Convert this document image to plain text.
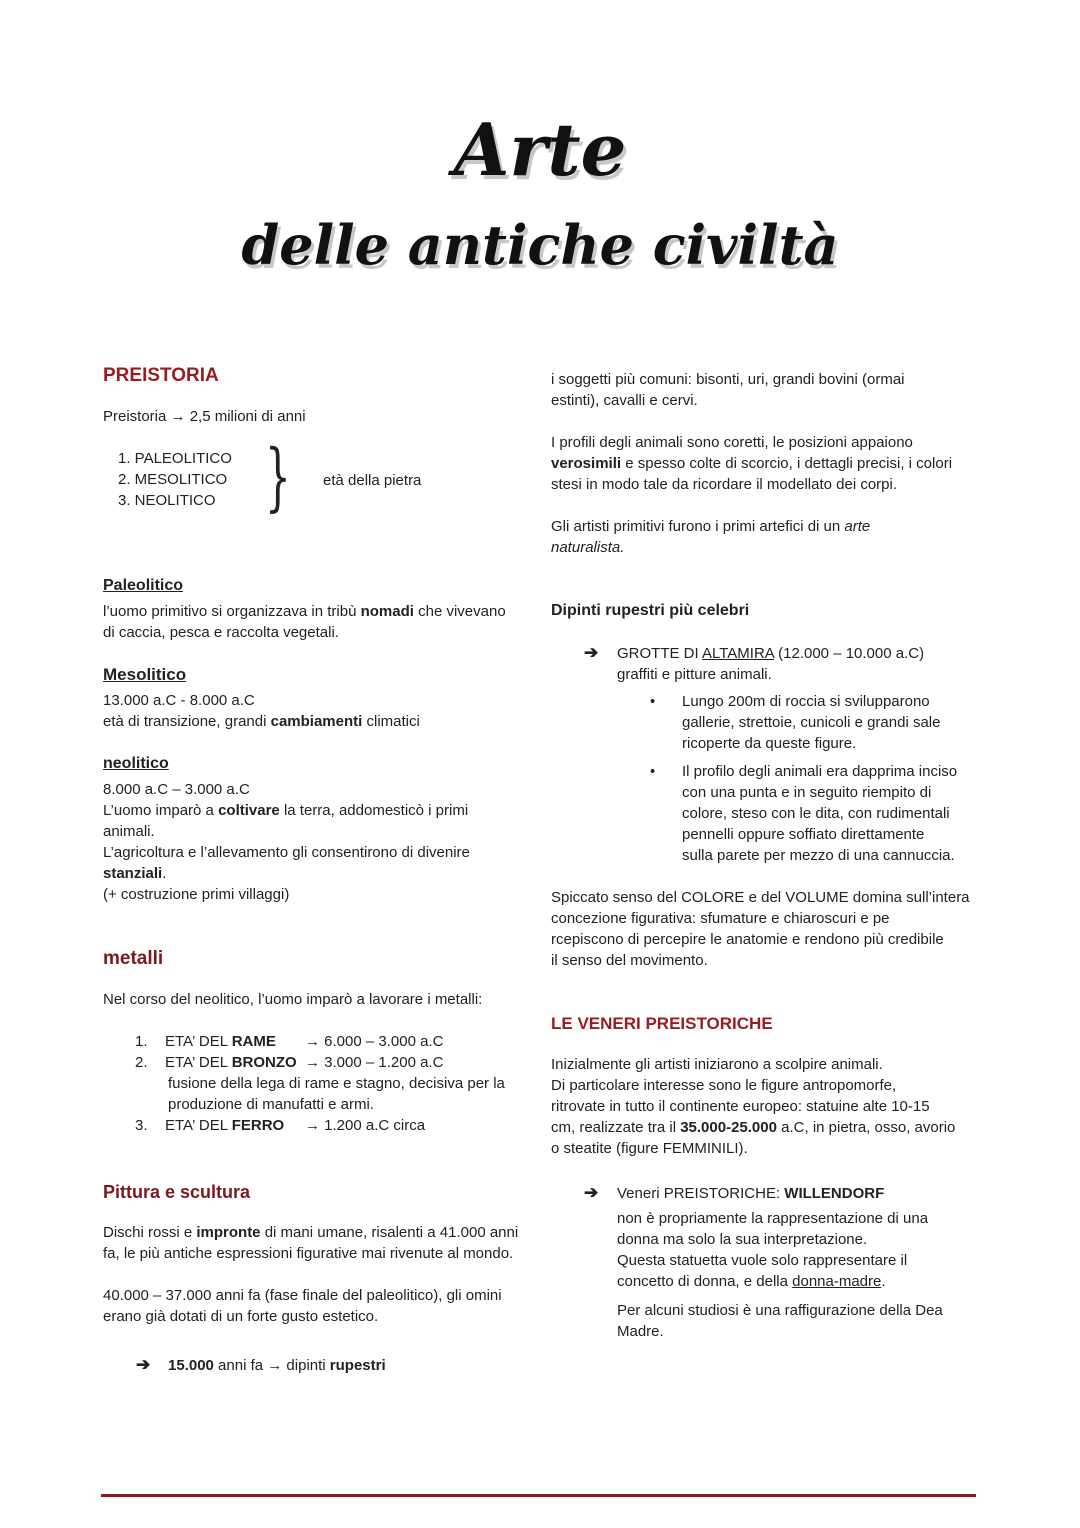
Arte
delle antiche civiltà
PREISTORIA
Preistoria → 2,5 milioni di anni
1. PALEOLITICO
2. MESOLITICO
3. NEOLITICO } età della pietra
Paleolitico
l’uomo primitivo si organizzava in tribù nomadi che vivevano
di caccia, pesca e raccolta vegetali.
Mesolitico
13.000 a.C - 8.000 a.C
età di transizione, grandi cambiamenti climatici
neolitico
8.000 a.C – 3.000 a.C
L’uomo imparò a coltivare la terra, addomesticò i primi
animali.
L’agricoltura e l’allevamento gli consentirono di divenire
stanziali.
(+ costruzione primi villaggi)
metalli
Nel corso del neolitico, l’uomo imparò a lavorare i metalli:
1. ETA’ DEL RAME → 6.000 – 3.000 a.C
2. ETA’ DEL BRONZO → 3.000 – 1.200 a.C
fusione della lega di rame e stagno, decisiva per la
produzione di manufatti e armi.
3. ETA’ DEL FERRO → 1.200 a.C circa
Pittura e scultura
Dischi rossi e impronte di mani umane, risalenti a 41.000 anni
fa, le più antiche espressioni figurative mai rivenute al mondo.
40.000 – 37.000 anni fa (fase finale del paleolitico), gli omini
erano già dotati di un forte gusto estetico.
➔ 15.000 anni fa → dipinti rupestri
i soggetti più comuni: bisonti, uri, grandi bovini (ormai
estinti), cavalli e cervi.
I profili degli animali sono coretti, le posizioni appaiono
verosimili e spesso colte di scorcio, i dettagli precisi, i colori
stesi in modo tale da ricordare il modellato dei corpi.
Gli artisti primitivi furono i primi artefici di un arte
naturalista.
Dipinti rupestri più celebri
➔ GROTTE DI ALTAMIRA (12.000 – 10.000 a.C)
graffiti e pitture animali.
• Lungo 200m di roccia si svilupparono
gallerie, strettoie, cunicoli e grandi sale
ricoperte da queste figure.
• Il profilo degli animali era dapprima inciso
con una punta e in seguito riempito di
colore, steso con le dita, con rudimentali
pennelli oppure soffiato direttamente
sulla parete per mezzo di una cannuccia.
Spiccato senso del COLORE e del VOLUME domina sull’intera
concezione figurativa: sfumature e chiaroscuri e pe
rcepiscono di percepire le anatomie e rendono più credibile
il senso del movimento.
LE VENERI PREISTORICHE
Inizialmente gli artisti iniziarono a scolpire animali.
Di particolare interesse sono le figure antropomorfe,
ritrovate in tutto il continente europeo: statuine alte 10-15
cm, realizzate tra il 35.000-25.000 a.C, in pietra, osso, avorio
o steatite (figure FEMMINILI).
➔ Veneri PREISTORICHE: WILLENDORF
non è propriamente la rappresentazione di una
donna ma solo la sua interpretazione.
Questa statuetta vuole solo rappresentare il
concetto di donna, e della donna-madre.
Per alcuni studiosi è una raffigurazione della Dea
Madre.
